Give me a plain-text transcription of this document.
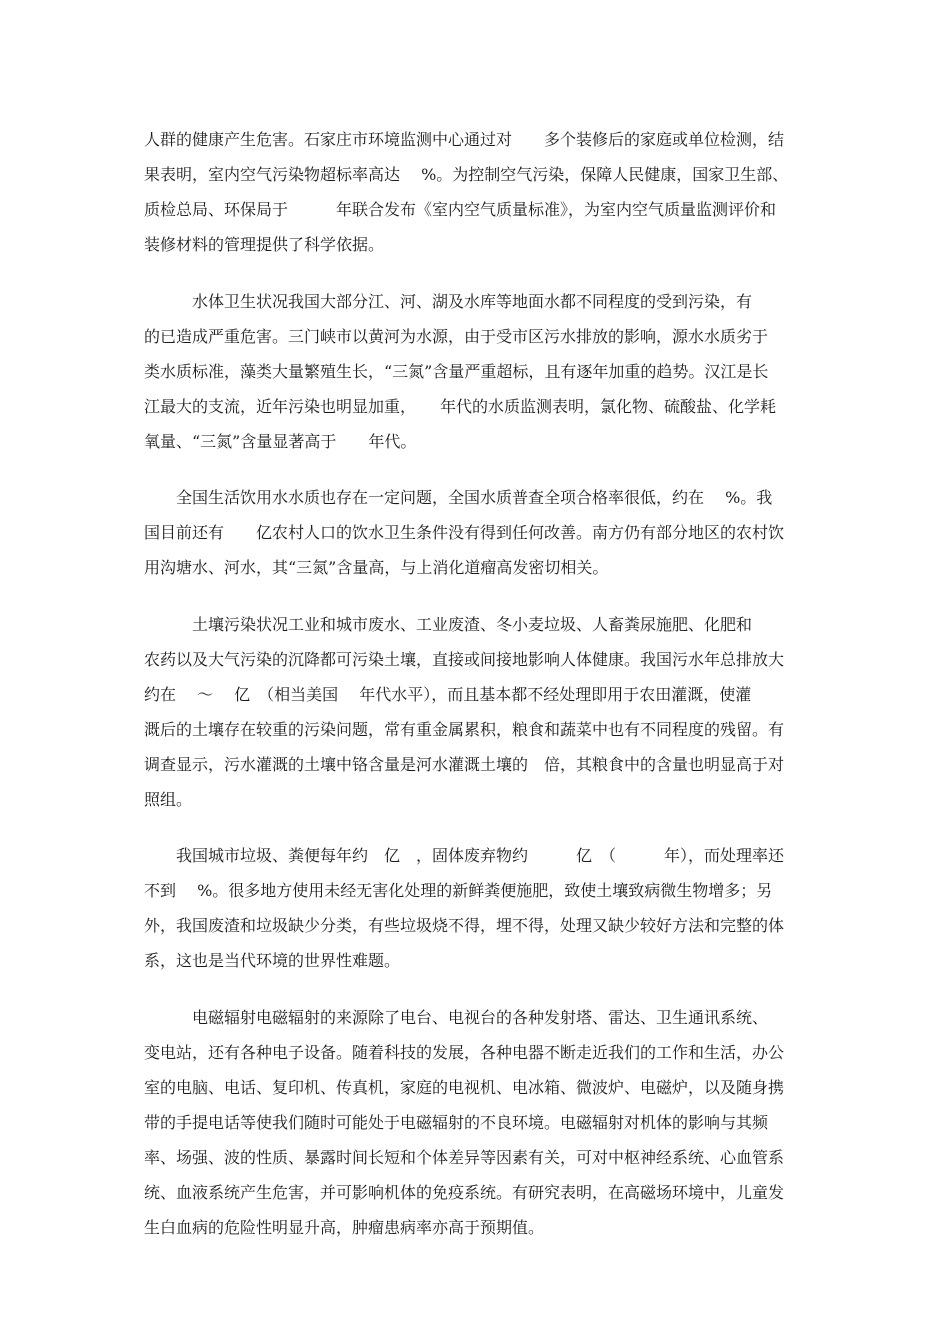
人群的健康产生危害。石家庄市环境监测中心通过对　　多个装修后的家庭或单位检测，结

果表明，室内空气污染物超标率高达　 %。为控制空气污染，保障人民健康，国家卫生部、

质检总局、环保局于　　　年联合发布《室内空气质量标准》，为室内空气质量监测评价和

装修材料的管理提供了科学依据。

　　　水体卫生状况我国大部分江、河、湖及水库等地面水都不同程度的受到污染，有

的已造成严重危害。三门峡市以黄河为水源，由于受市区污水排放的影响，源水水质劣于

类水质标准，藻类大量繁殖生长，“三氮”含量严重超标，且有逐年加重的趋势。汉江是长

江最大的支流，近年污染也明显加重，　　年代的水质监测表明，氯化物、硫酸盐、化学耗

氧量、“三氮”含量显著高于　　年代。

　　全国生活饮用水水质也存在一定问题，全国水质普查全项合格率很低，约在　 %。我

国目前还有　　亿农村人口的饮水卫生条件没有得到任何改善。南方仍有部分地区的农村饮

用沟塘水、河水，其“三氮”含量高，与上消化道瘤高发密切相关。

　　　土壤污染状况工业和城市废水、工业废渣、冬小麦垃圾、人畜粪尿施肥、化肥和

农药以及大气污染的沉降都可污染土壤，直接或间接地影响人体健康。我国污水年总排放大

约在　 ～　 亿　（相当美国　 年代水平），而且基本都不经处理即用于农田灌溉，使灌

溉后的土壤存在较重的污染问题，常有重金属累积，粮食和蔬菜中也有不同程度的残留。有

调查显示，污水灌溉的土壤中铬含量是河水灌溉土壤的　倍，其粮食中的含量也明显高于对

照组。

　　我国城市垃圾、粪便每年约　亿　，固体废弃物约　　　亿　（　　　年），而处理率还

不到　 %。很多地方使用未经无害化处理的新鲜粪便施肥，致使土壤致病微生物增多；另

外，我国废渣和垃圾缺少分类，有些垃圾烧不得，埋不得，处理又缺少较好方法和完整的体

系，这也是当代环境的世界性难题。

　　　电磁辐射电磁辐射的来源除了电台、电视台的各种发射塔、雷达、卫生通讯系统、

变电站，还有各种电子设备。随着科技的发展，各种电器不断走近我们的工作和生活，办公

室的电脑、电话、复印机、传真机，家庭的电视机、电冰箱、微波炉、电磁炉，以及随身携

带的手提电话等使我们随时可能处于电磁辐射的不良环境。电磁辐射对机体的影响与其频

率、场强、波的性质、暴露时间长短和个体差异等因素有关，可对中枢神经系统、心血管系

统、血液系统产生危害，并可影响机体的免疫系统。有研究表明，在高磁场环境中，儿童发

生白血病的危险性明显升高，肿瘤患病率亦高于预期值。
